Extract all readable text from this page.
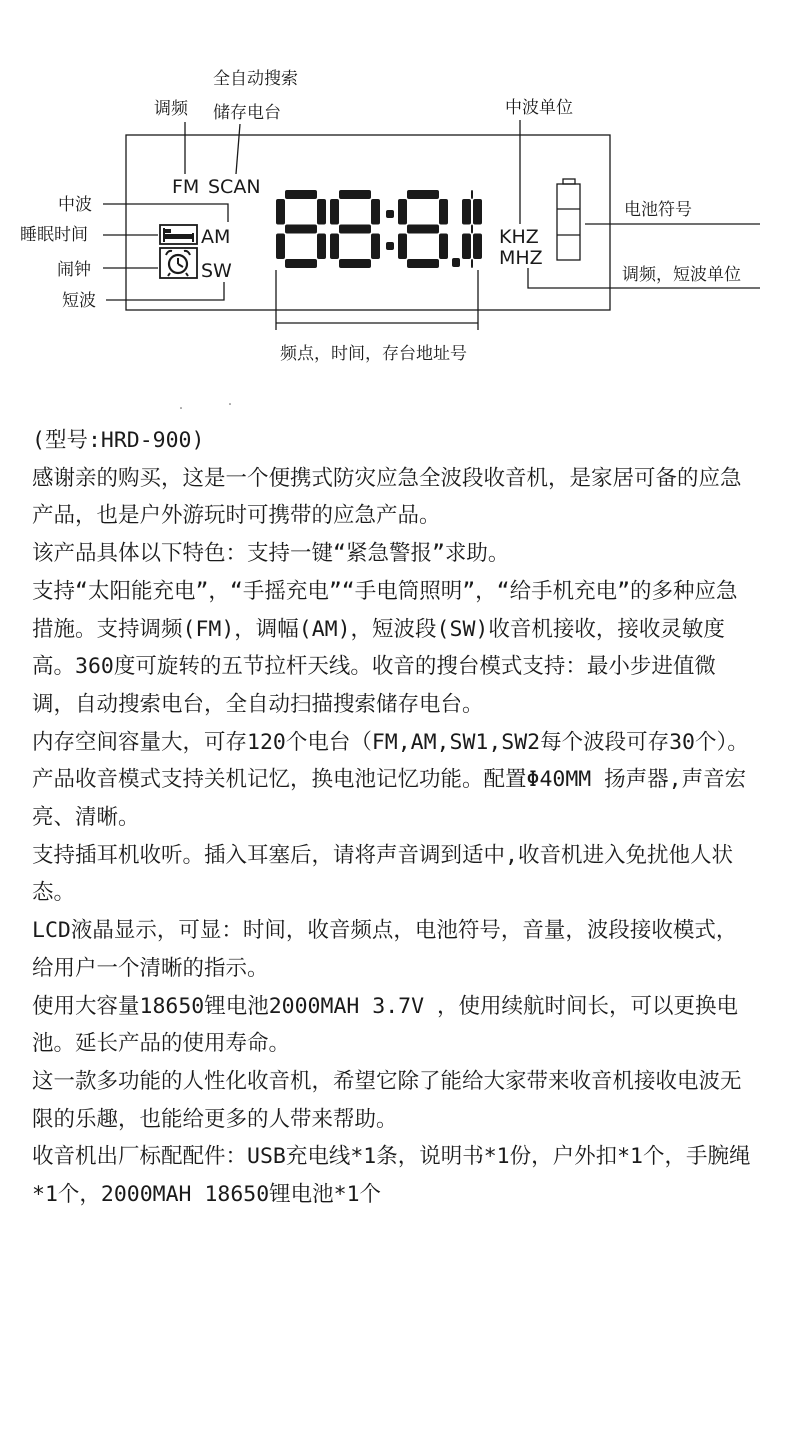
全自动搜索
调频 储存电台	中波单位
FM SCAN
中波
睡眠时间
闹钟
短波
AM
SW
频点，时间，存台地址号
KHZ
MHZ
调频，短波单位
电池符号

(型号:HRD-900)

感谢亲的购买，这是一个便携式防灾应急全波段收音机，是家居可备的应急产品，也是户外游玩时可携带的应急产品。

该产品具体以下特色：支持一键“紧急警报”求助。

支持“太阳能充电”，“手摇充电”“手电筒照明”，“给手机充电”的多种应急措施。支持调频(FM)，调幅(AM)，短波段(SW)收音机接收，接收灵敏度高。360度可旋转的五节拉杆天线。收音的搜台模式支持：最小步进值微调，自动搜索电台，全自动扫描搜索储存电台。

内存空间容量大，可存120个电台（FM,AM,SW1,SW2每个波段可存30个）。产品收音模式支持关机记忆，换电池记忆功能。配置Φ40MM 扬声器,声音宏亮、清晰。

支持插耳机收听。插入耳塞后，请将声音调到适中,收音机进入免扰他人状态。

LCD液晶显示，可显：时间，收音频点，电池符号，音量，波段接收模式，给用户一个清晰的指示。

使用大容量18650锂电池2000MAH 3.7V ，使用续航时间长，可以更换电池。延长产品的使用寿命。

这一款多功能的人性化收音机，希望它除了能给大家带来收音机接收电波无限的乐趣，也能给更多的人带来帮助。

收音机出厂标配配件：USB充电线*1条，说明书*1份，户外扣*1个，手腕绳*1个，2000MAH 18650锂电池*1个
